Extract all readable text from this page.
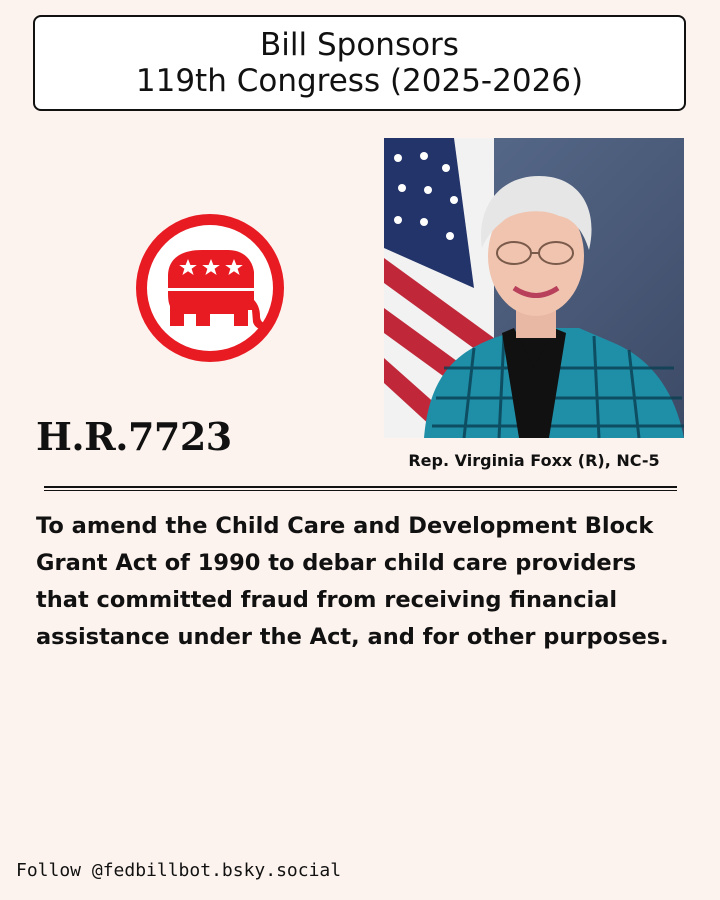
Bill Sponsors
119th Congress (2025-2026)
H.R.7723
Rep. Virginia Foxx (R), NC-5
To amend the Child Care and Development Block Grant Act of 1990 to debar child care providers that committed fraud from receiving financial assistance under the Act, and for other purposes.
Follow @fedbillbot.bsky.social
